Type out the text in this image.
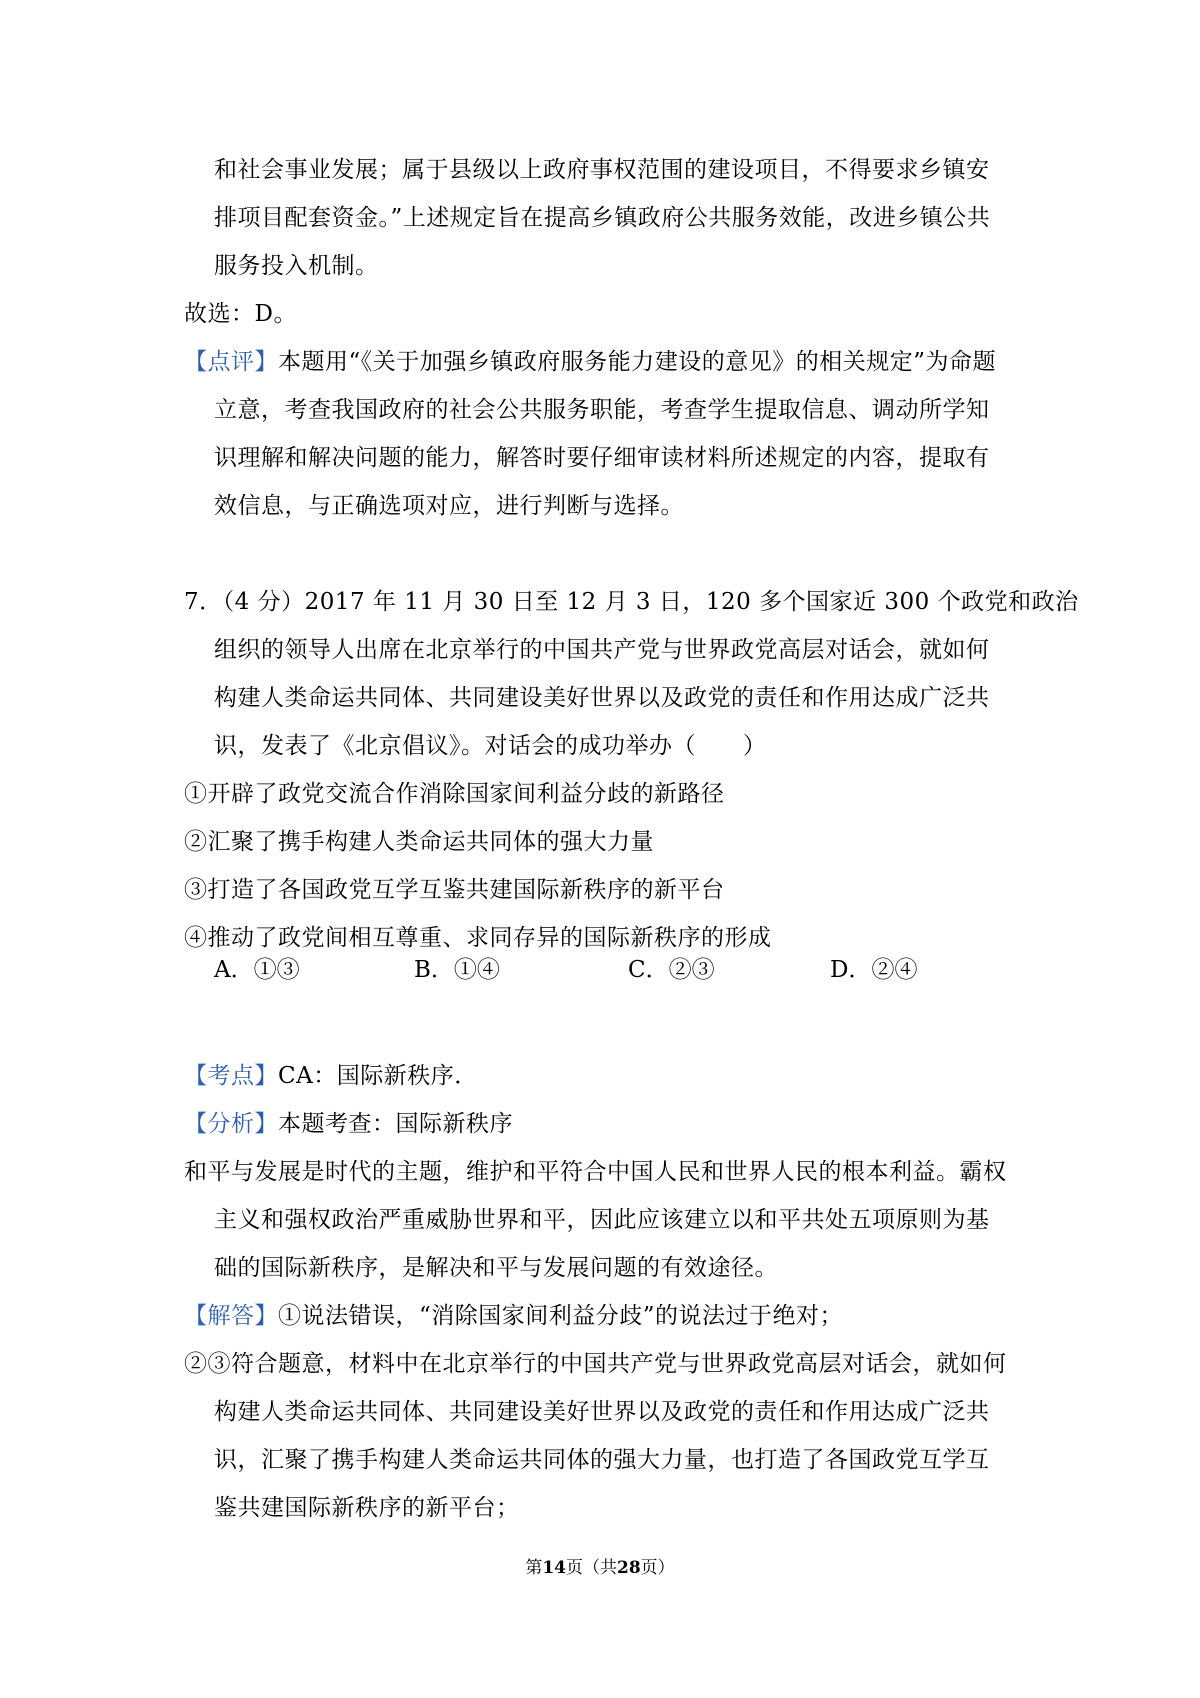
和社会事业发展；属于县级以上政府事权范围的建设项目，不得要求乡镇安
排项目配套资金。”上述规定旨在提高乡镇政府公共服务效能，改进乡镇公共
服务投入机制。
故选：D。
【点评】本题用“《关于加强乡镇政府服务能力建设的意见》的相关规定”为命题
立意，考查我国政府的社会公共服务职能，考查学生提取信息、调动所学知
识理解和解决问题的能力，解答时要仔细审读材料所述规定的内容，提取有
效信息，与正确选项对应，进行判断与选择。
7．（4 分）2017 年 11 月 30 日至 12 月 3 日，120 多个国家近 300 个政党和政治
组织的领导人出席在北京举行的中国共产党与世界政党高层对话会，就如何
构建人类命运共同体、共同建设美好世界以及政党的责任和作用达成广泛共
识，发表了《北京倡议》。对话会的成功举办（　　）
①开辟了政党交流合作消除国家间利益分歧的新路径
②汇聚了携手构建人类命运共同体的强大力量
③打造了各国政党互学互鉴共建国际新秩序的新平台
④推动了政党间相互尊重、求同存异的国际新秩序的形成
A．①③	B．①④	C．②③	D．②④
【考点】CA：国际新秩序．
【分析】本题考查：国际新秩序
和平与发展是时代的主题，维护和平符合中国人民和世界人民的根本利益。霸权
主义和强权政治严重威胁世界和平，因此应该建立以和平共处五项原则为基
础的国际新秩序，是解决和平与发展问题的有效途径。
【解答】①说法错误，“消除国家间利益分歧”的说法过于绝对；
②③符合题意，材料中在北京举行的中国共产党与世界政党高层对话会，就如何
构建人类命运共同体、共同建设美好世界以及政党的责任和作用达成广泛共
识，汇聚了携手构建人类命运共同体的强大力量，也打造了各国政党互学互
鉴共建国际新秩序的新平台；
第14页（共28页）
